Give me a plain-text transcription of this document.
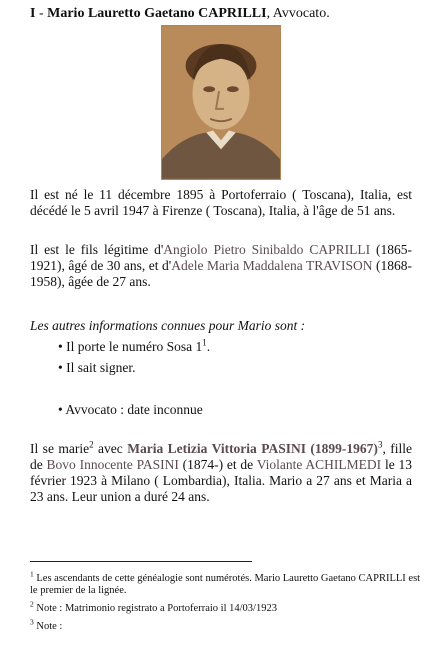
I - Mario Lauretto Gaetano CAPRILLI, Avvocato.
Il est né le 11 décembre 1895 à Portoferraio ( Toscana), Italia, est décédé le 5 avril 1947 à Firenze ( Toscana), Italia, à l'âge de 51 ans.
Il est le fils légitime d'Angiolo Pietro Sinibaldo CAPRILLI (1865-1921), âgé de 30 ans, et d'Adele Maria Maddalena TRAVISON (1868-1958), âgée de 27 ans.
Les autres informations connues pour Mario sont :
• Il porte le numéro Sosa $1^1$.
• Il sait signer.
• Avvocato : date inconnue
Il se marie$^2$ avec Maria Letizia Vittoria PASINI (1899-1967)$^3$, fille de Bovo Innocente PASINI (1874-) et de Violante ACHILMEDI le 13 février 1923 à Milano ( Lombardia), Italia. Mario a 27 ans et Maria a 23 ans. Leur union a duré 24 ans.
$^1$ Les ascendants de cette généalogie sont numérotés. Mario Lauretto Gaetano CAPRILLI est le premier de la lignée.
$^2$ Note : Matrimonio registrato a Portoferraio il 14/03/1923
$^3$ Note :
